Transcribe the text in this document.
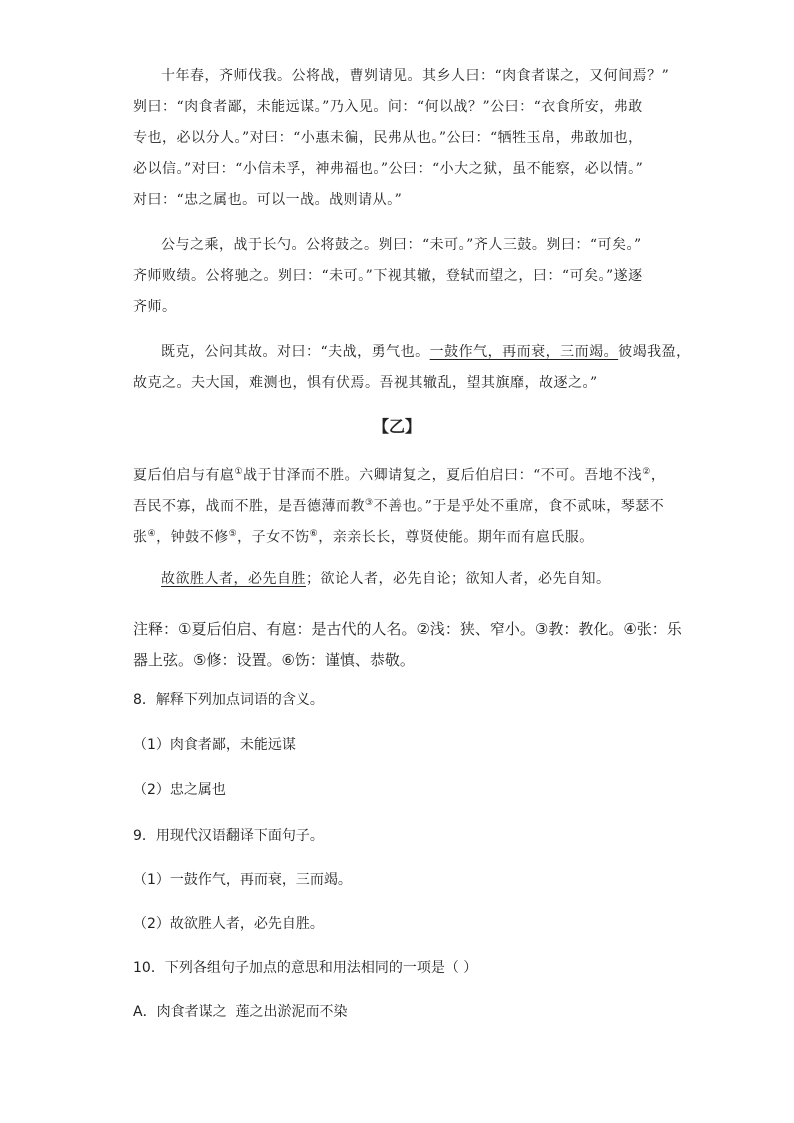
十年春，齐师伐我。公将战，曹刿请见。其乡人曰：“肉食者谋之，又何间焉？”
刿曰：“肉食者鄙，未能远谋。”乃入见。问：“何以战？”公曰：“衣食所安，弗敢
专也，必以分人。”对曰：“小惠未徧，民弗从也。”公曰：“牺牲玉帛，弗敢加也，
必以信。”对曰：“小信未孚，神弗福也。”公曰：“小大之狱，虽不能察，必以情。”
对曰：“忠之属也。可以一战。战则请从。”
公与之乘，战于长勺。公将鼓之。刿曰：“未可。”齐人三鼓。刿曰：“可矣。”
齐师败绩。公将驰之。刿曰：“未可。”下视其辙，登轼而望之，曰：“可矣。”遂逐
齐师。
既克，公问其故。对曰：“夫战，勇气也。一鼓作气，再而衰，三而竭。彼竭我盈，
故克之。夫大国，难测也，惧有伏焉。吾视其辙乱，望其旗靡，故逐之。”
【乙】
夏后伯启与有扈①战于甘泽而不胜。六卿请复之，夏后伯启曰：“不可。吾地不浅②，
吾民不寡，战而不胜，是吾德薄而教③不善也。”于是乎处不重席，食不贰味，琴瑟不
张④，钟鼓不修⑤，子女不饬⑥，亲亲长长，尊贤使能。期年而有扈氏服。
故欲胜人者，必先自胜；欲论人者，必先自论；欲知人者，必先自知。
注释：①夏后伯启、有扈：是古代的人名。②浅：狭、窄小。③教：教化。④张：乐
器上弦。⑤修：设置。⑥饬：谨慎、恭敬。
8．解释下列加点词语的含义。
（1）肉食者鄙，未能远谋
（2）忠之属也
9．用现代汉语翻译下面句子。
（1）一鼓作气，再而衰，三而竭。
（2）故欲胜人者，必先自胜。
10．下列各组句子加点的意思和用法相同的一项是（ ）
A．肉食者谋之  莲之出淤泥而不染
